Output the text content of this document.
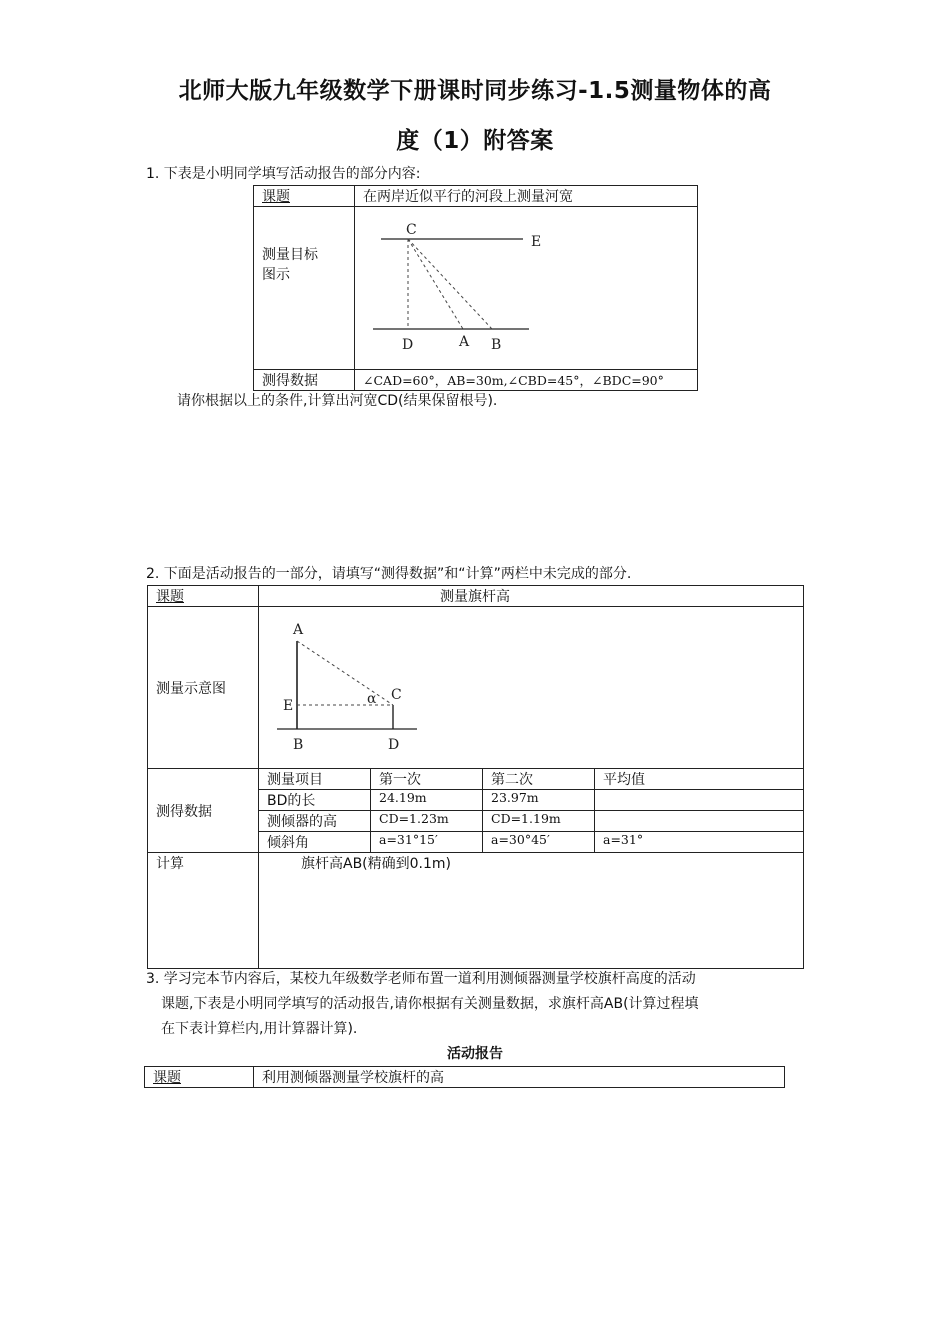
北师大版九年级数学下册课时同步练习-1.5测量物体的高
度（1）附答案
1. 下表是小明同学填写活动报告的部分内容:
课题	在两岸近似平行的河段上测量河宽

测量目标图示	C
E
D A B

测得数据	∠CAD=60°，AB=30m,∠CBD=45°，∠BDC=90°
请你根据以上的条件,计算出河宽CD(结果保留根号).
2. 下面是活动报告的一部分，请填写“测得数据”和“计算”两栏中未完成的部分.
课题	测量旗杆高
测量示意图	
A
E	α C
B	D

测得数据	
测量项目	第一次	第二次	平均值
BD的长	24.19m	23.97m	
测倾器的高	CD=1.23m	CD=1.19m	
倾斜角	a=31°15′	a=30°45′	a=31°

计算	旗杆高AB(精确到0.1m)
3. 学习完本节内容后，某校九年级数学老师布置一道利用测倾器测量学校旗杆高度的活动
课题,下表是小明同学填写的活动报告,请你根据有关测量数据，求旗杆高AB(计算过程填
在下表计算栏内,用计算器计算).
活动报告
课题	利用测倾器测量学校旗杆的高
